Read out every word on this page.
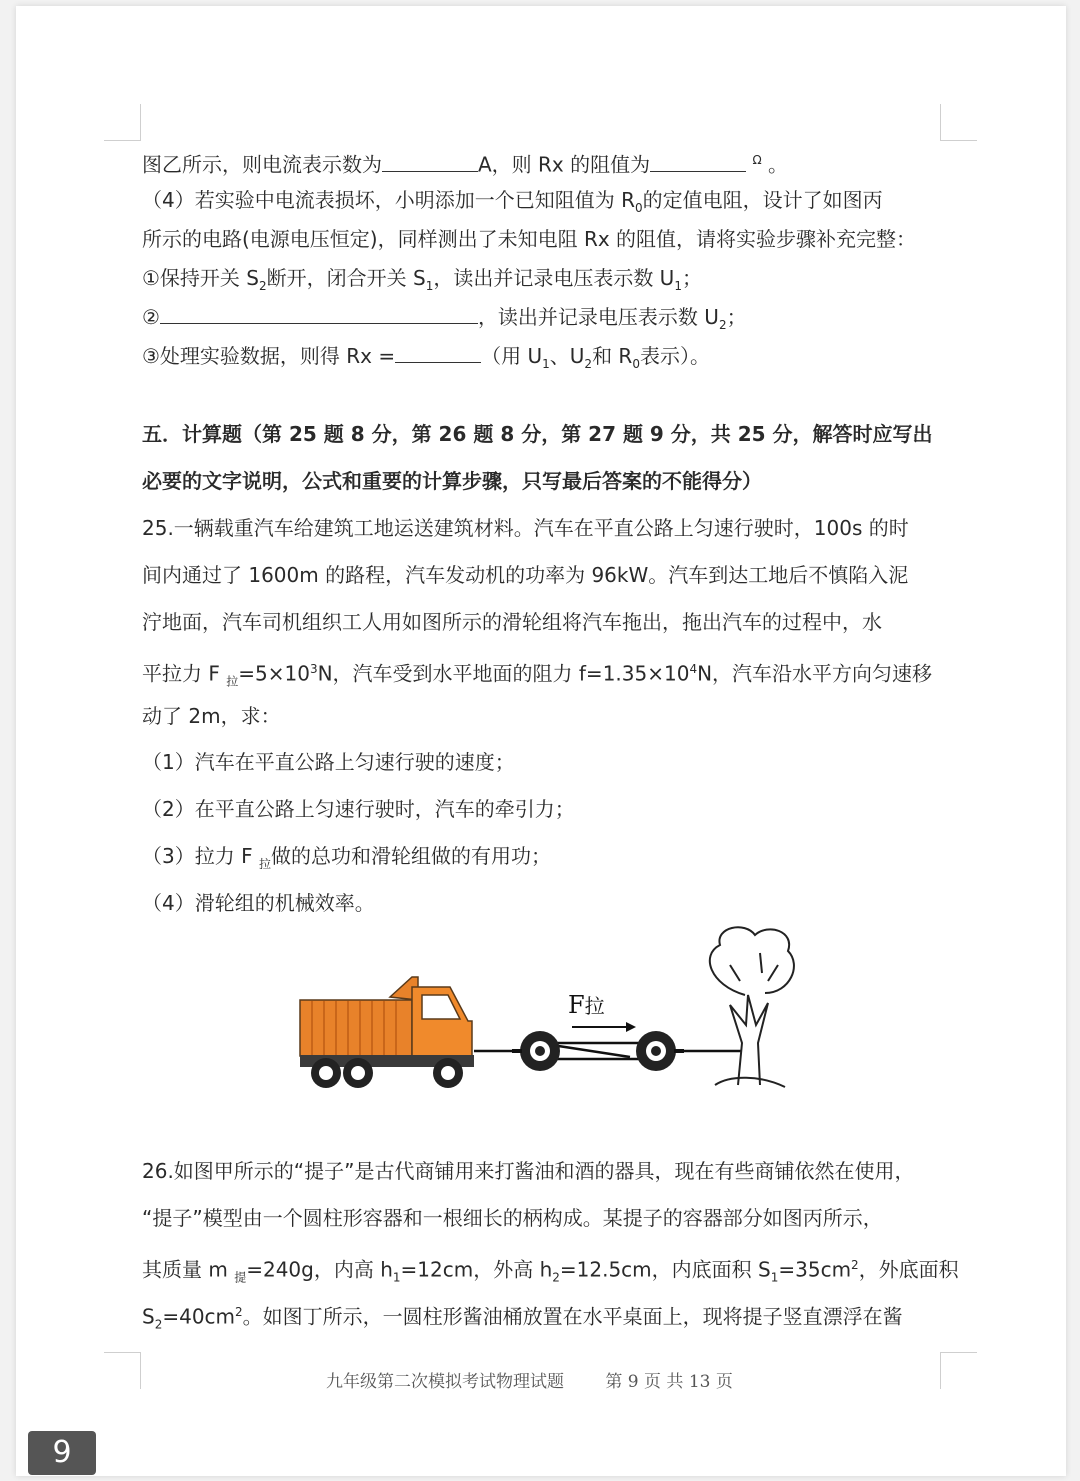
图乙所示，则电流表示数为	A，则 Rx 的阻值为	$^\Omega$ 。
（4）若实验中电流表损坏，小明添加一个已知阻值为 $R_0$的定值电阻，设计了如图丙
所示的电路(电源电压恒定)，同样测出了未知电阻 Rx 的阻值，请将实验步骤补充完整：
①保持开关 $S_2$断开，闭合开关 $S_1$，读出并记录电压表示数 $U_1$；
②	，读出并记录电压表示数 $U_2$；
③处理实验数据，则得 Rx =	（用 $U_1$、$U_2$和 $R_0$表示）。
五．计算题（第 25 题 8 分，第 26 题 8 分，第 27 题 9 分，共 25 分，解答时应写出
必要的文字说明，公式和重要的计算步骤，只写最后答案的不能得分）
25.一辆载重汽车给建筑工地运送建筑材料。汽车在平直公路上匀速行驶时，100s 的时
间内通过了 1600m 的路程，汽车发动机的功率为 96kW。汽车到达工地后不慎陷入泥
泞地面，汽车司机组织工人用如图所示的滑轮组将汽车拖出，拖出汽车的过程中，水
平拉力 F $_拉=5\times 10^3N$，汽车受到水平地面的阻力 $f=1.35\times 10^4N$，汽车沿水平方向匀速移
动了 2m，求：
（1）汽车在平直公路上匀速行驶的速度；
（2）在平直公路上匀速行驶时，汽车的牵引力；
（3）拉力 F $_拉$做的总功和滑轮组做的有用功；
（4）滑轮组的机械效率。
F拉
26.如图甲所示的“提子”是古代商铺用来打酱油和酒的器具，现在有些商铺依然在使用，
“提子”模型由一个圆柱形容器和一根细长的柄构成。某提子的容器部分如图丙所示，
其质量 m $_提$=240g，内高 $h_1=12cm$，外高 $h_2=12.5cm$，内底面积 $S_1=35cm^2$，外底面积
$S_2=40cm^2$。如图丁所示，一圆柱形酱油桶放置在水平桌面上，现将提子竖直漂浮在酱
九年级第二次模拟考试物理试题 第 9 页 共 13 页
9
